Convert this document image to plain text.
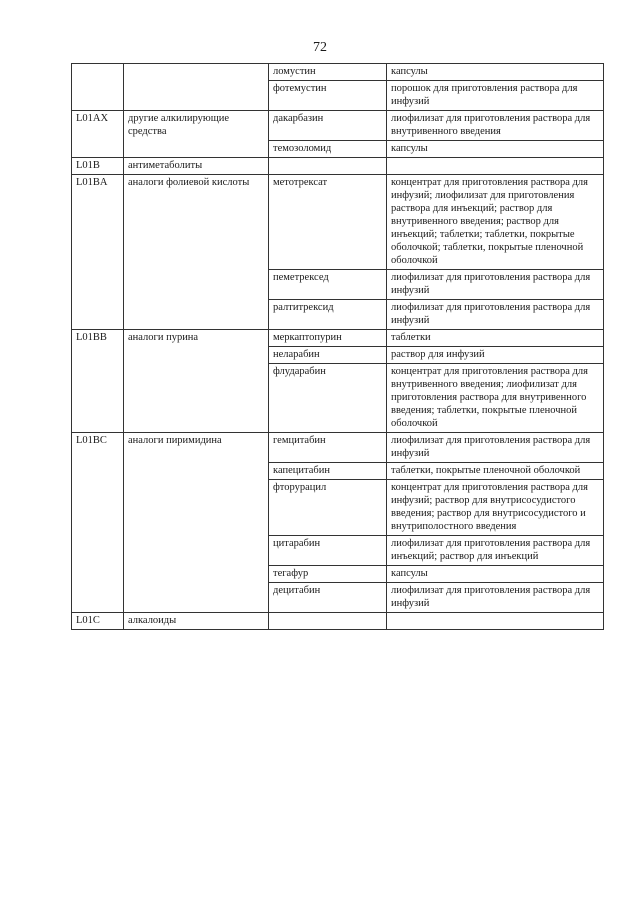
72
		ломустин	капсулы
		фотемустин	порошок для приготовления раствора для инфузий
L01AX	другие алкилирующие средства	дакарбазин	лиофилизат для приготовления раствора для внутривенного введения
		темозоломид	капсулы
L01B	антиметаболиты		
L01BA	аналоги фолиевой кислоты	метотрексат	концентрат для приготовления раствора для инфузий; лиофилизат для приготовления раствора для инъекций; раствор для внутривенного введения; раствор для инъекций; таблетки; таблетки, покрытые оболочкой; таблетки, покрытые пленочной оболочкой
		пеметрексед	лиофилизат для приготовления раствора для инфузий
		ралтитрексид	лиофилизат для приготовления раствора для инфузий
L01BB	аналоги пурина	меркаптопурин	таблетки
		неларабин	раствор для инфузий
		флударабин	концентрат для приготовления раствора для внутривенного введения; лиофилизат для приготовления раствора для внутривенного введения; таблетки, покрытые пленочной оболочкой
L01BC	аналоги пиримидина	гемцитабин	лиофилизат для приготовления раствора для инфузий
		капецитабин	таблетки, покрытые пленочной оболочкой
		фторурацил	концентрат для приготовления раствора для инфузий; раствор для внутрисосудистого введения; раствор для внутрисосудистого и внутриполостного введения
		цитарабин	лиофилизат для приготовления раствора для инъекций; раствор для инъекций
		тегафур	капсулы
		децитабин	лиофилизат для приготовления раствора для инфузий
L01C	алкалоиды		
